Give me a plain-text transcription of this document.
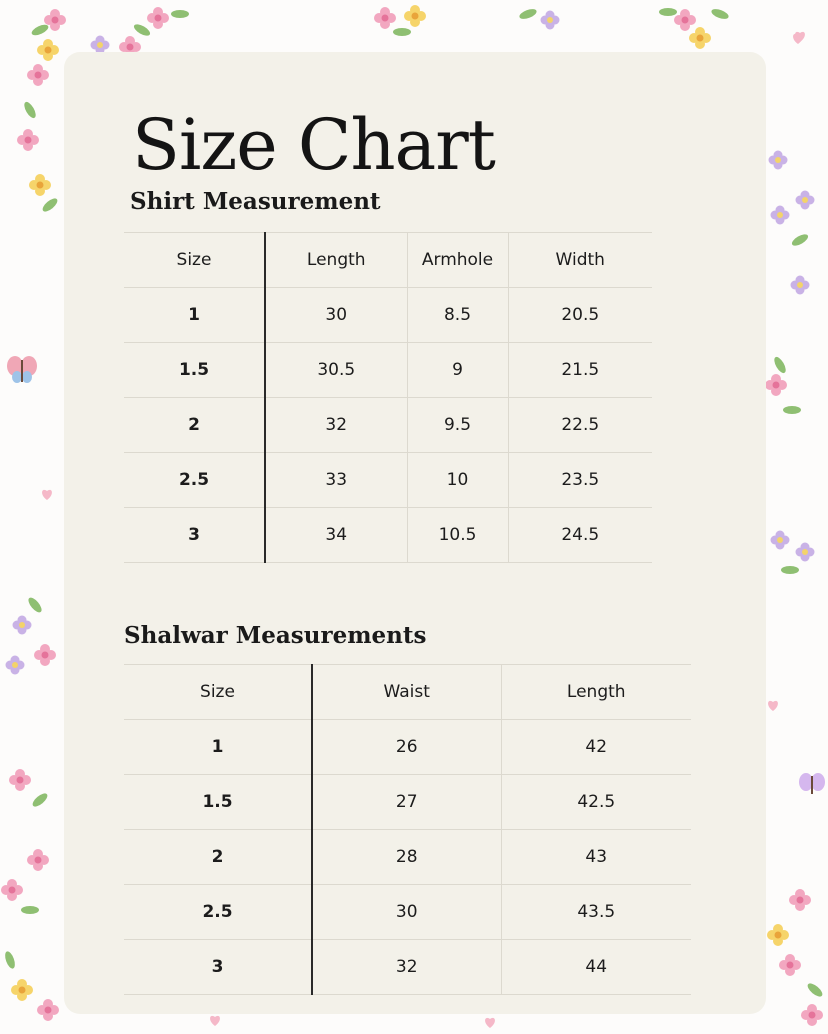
Size Chart
Shirt Measurement
Size	Length	Armhole	Width
1	30	8.5	20.5
1.5	30.5	9	21.5
2	32	9.5	22.5
2.5	33	10	23.5
3	34	10.5	24.5
Shalwar Measurements
Size	Waist	Length
1	26	42
1.5	27	42.5
2	28	43
2.5	30	43.5
3	32	44
